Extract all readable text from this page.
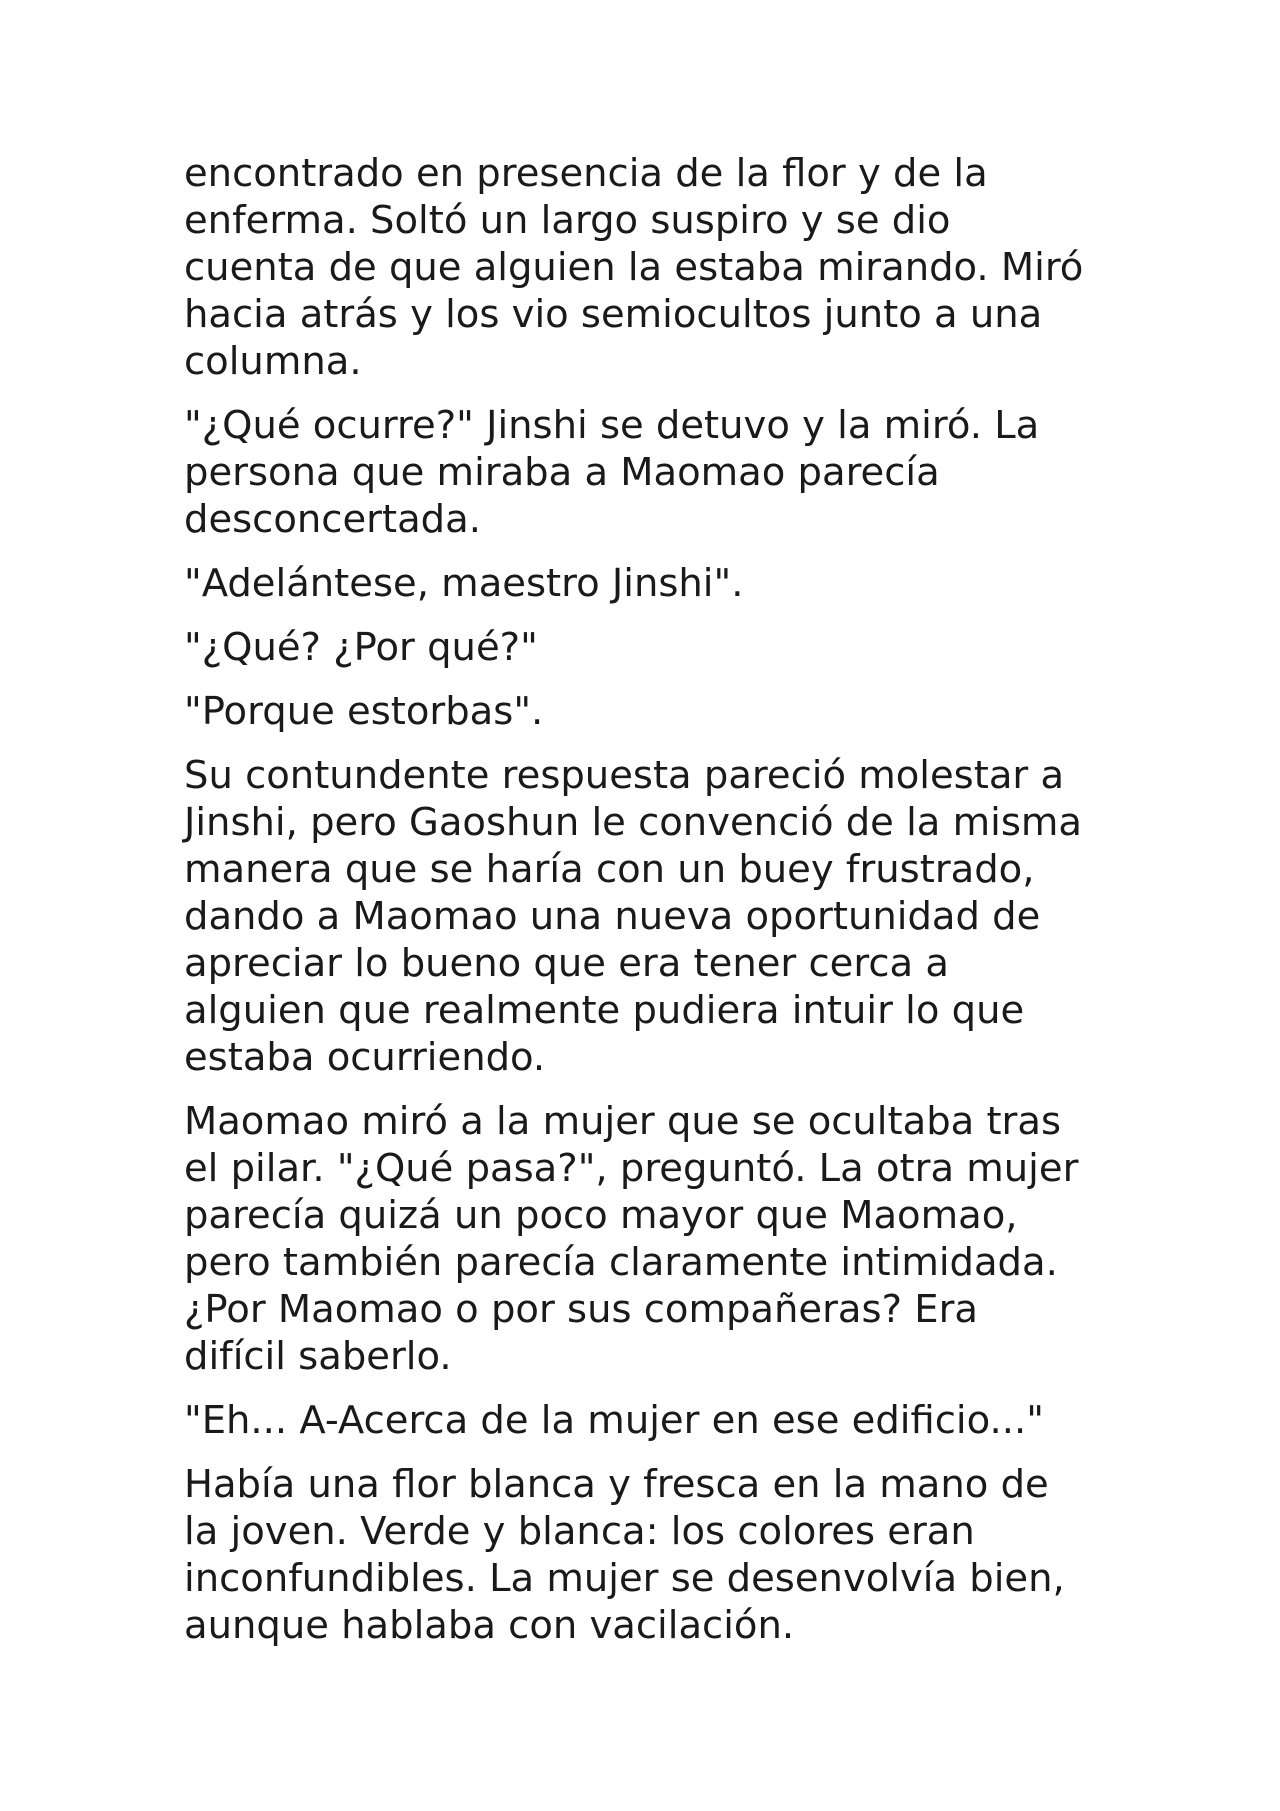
encontrado en presencia de la flor y de la
enferma. Soltó un largo suspiro y se dio
cuenta de que alguien la estaba mirando. Miró
hacia atrás y los vio semiocultos junto a una
columna.

"¿Qué ocurre?" Jinshi se detuvo y la miró. La
persona que miraba a Maomao parecía
desconcertada.

"Adelántese, maestro Jinshi".

"¿Qué? ¿Por qué?"

"Porque estorbas".

Su contundente respuesta pareció molestar a
Jinshi, pero Gaoshun le convenció de la misma
manera que se haría con un buey frustrado,
dando a Maomao una nueva oportunidad de
apreciar lo bueno que era tener cerca a
alguien que realmente pudiera intuir lo que
estaba ocurriendo.

Maomao miró a la mujer que se ocultaba tras
el pilar. "¿Qué pasa?", preguntó. La otra mujer
parecía quizá un poco mayor que Maomao,
pero también parecía claramente intimidada.
¿Por Maomao o por sus compañeras? Era
difícil saberlo.

"Eh... A-Acerca de la mujer en ese edificio..."

Había una flor blanca y fresca en la mano de
la joven. Verde y blanca: los colores eran
inconfundibles. La mujer se desenvolvía bien,
aunque hablaba con vacilación.
